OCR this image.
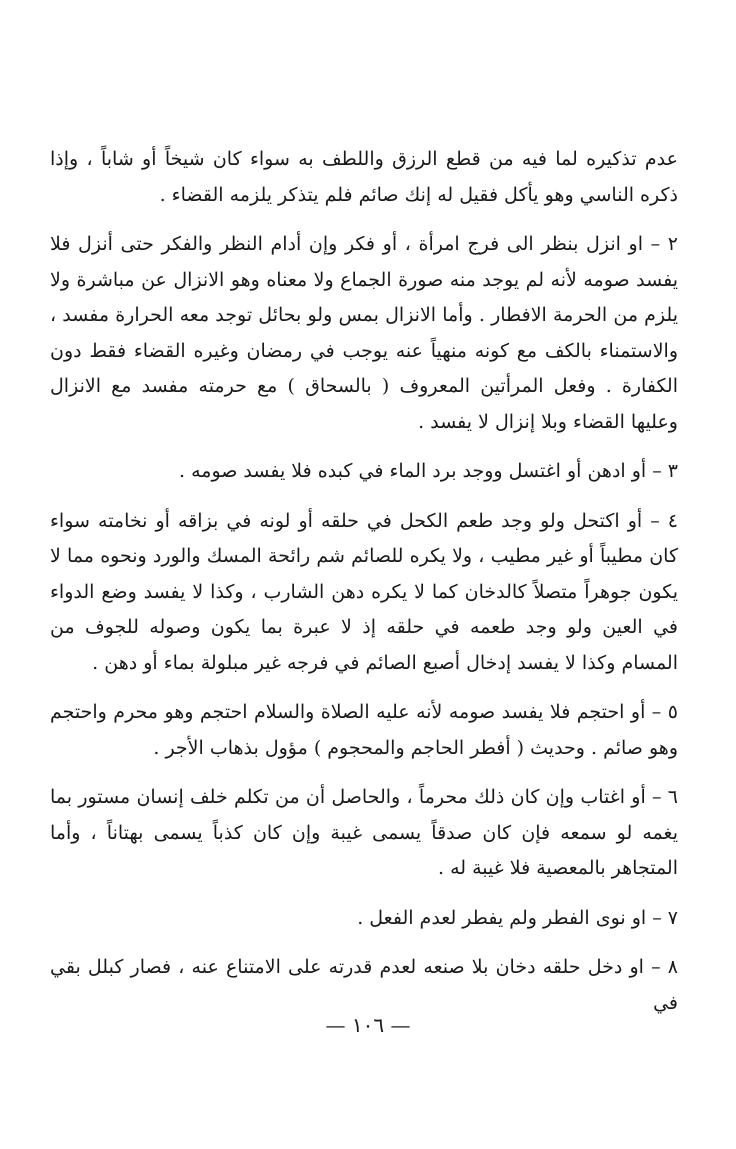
عدم تذكيره لما فيه من قطع الرزق واللطف به سواء كان شيخاً أو شاباً ، وإذا ذكره الناسي وهو يأكل فقيل له إنك صائم فلم يتذكر يلزمه القضاء .

٢ – او انزل بنظر الى فرج امرأة ، أو فكر وإن أدام النظر والفكر حتى أنزل فلا يفسد صومه لأنه لم يوجد منه صورة الجماع ولا معناه وهو الانزال عن مباشرة ولا يلزم من الحرمة الافطار . وأما الانزال بمس ولو بحائل توجد معه الحرارة مفسد ، والاستمناء بالكف مع كونه منهياً عنه يوجب في رمضان وغيره القضاء فقط دون الكفارة . وفعل المرأتين المعروف ( بالسحاق ) مع حرمته مفسد مع الانزال وعليها القضاء وبلا إنزال لا يفسد .

٣ – أو ادهن أو اغتسل ووجد برد الماء في كبده فلا يفسد صومه .

٤ – أو اكتحل ولو وجد طعم الكحل في حلقه أو لونه في بزاقه أو نخامته سواء كان مطيباً أو غير مطيب ، ولا يكره للصائم شم رائحة المسك والورد ونحوه مما لا يكون جوهراً متصلاً كالدخان كما لا يكره دهن الشارب ، وكذا لا يفسد وضع الدواء في العين ولو وجد طعمه في حلقه إذ لا عبرة بما يكون وصوله للجوف من المسام وكذا لا يفسد إدخال أصبع الصائم في فرجه غير مبلولة بماء أو دهن .

٥ – أو احتجم فلا يفسد صومه لأنه عليه الصلاة والسلام احتجم وهو محرم واحتجم وهو صائم . وحديث ( أفطر الحاجم والمحجوم ) مؤول بذهاب الأجر .

٦ – أو اغتاب وإن كان ذلك محرماً ، والحاصل أن من تكلم خلف إنسان مستور بما يغمه لو سمعه فإن كان صدقاً يسمى غيبة وإن كان كذباً يسمى بهتاناً ، وأما المتجاهر بالمعصية فلا غيبة له .

٧ – او نوى الفطر ولم يفطر لعدم الفعل .

٨ – او دخل حلقه دخان بلا صنعه لعدم قدرته على الامتناع عنه ، فصار كبلل بقي في

— ١٠٦ —
